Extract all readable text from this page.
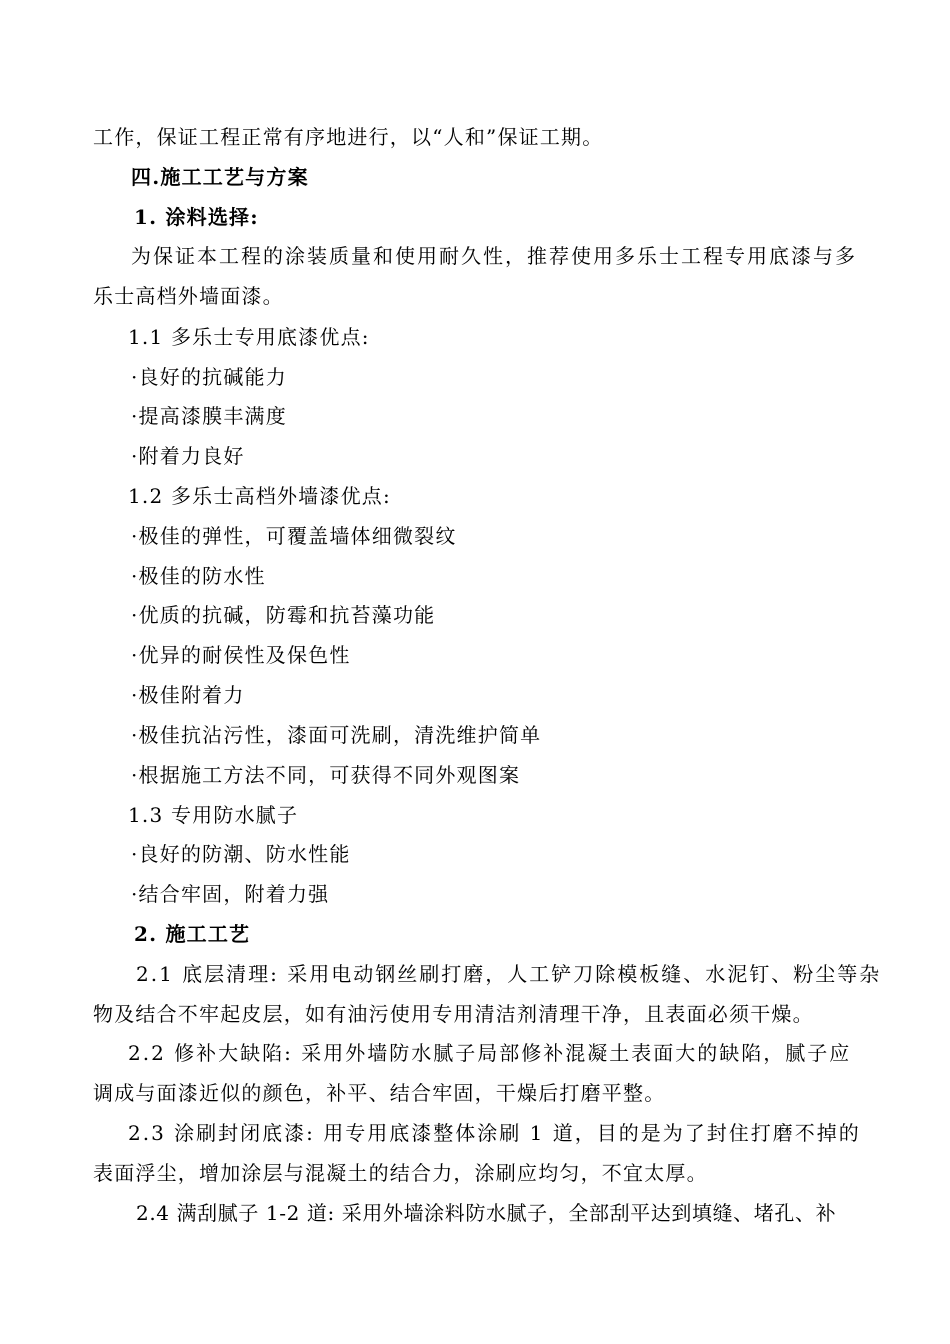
工作，保证工程正常有序地进行，以“人和”保证工期。
四.施工工艺与方案
1. 涂料选择:
为保证本工程的涂装质量和使用耐久性，推荐使用多乐士工程专用底漆与多
乐士高档外墙面漆。
1.1 多乐士专用底漆优点:
·良好的抗碱能力
·提高漆膜丰满度
·附着力良好
1.2 多乐士高档外墙漆优点:
·极佳的弹性，可覆盖墙体细微裂纹
·极佳的防水性
·优质的抗碱，防霉和抗苔藻功能
·优异的耐侯性及保色性
·极佳附着力
·极佳抗沾污性，漆面可洗刷，清洗维护简单
·根据施工方法不同，可获得不同外观图案
1.3 专用防水腻子
·良好的防潮、防水性能
·结合牢固，附着力强
2. 施工工艺
2.1 底层清理: 采用电动钢丝刷打磨，人工铲刀除模板缝、水泥钉、粉尘等杂
物及结合不牢起皮层，如有油污使用专用清洁剂清理干净，且表面必须干燥。
2.2 修补大缺陷: 采用外墙防水腻子局部修补混凝土表面大的缺陷，腻子应
调成与面漆近似的颜色，补平、结合牢固，干燥后打磨平整。
2.3 涂刷封闭底漆: 用专用底漆整体涂刷 1 道，目的是为了封住打磨不掉的
表面浮尘，增加涂层与混凝土的结合力，涂刷应均匀，不宜太厚。
2.4 满刮腻子 1-2 道: 采用外墙涂料防水腻子，全部刮平达到填缝、堵孔、补
